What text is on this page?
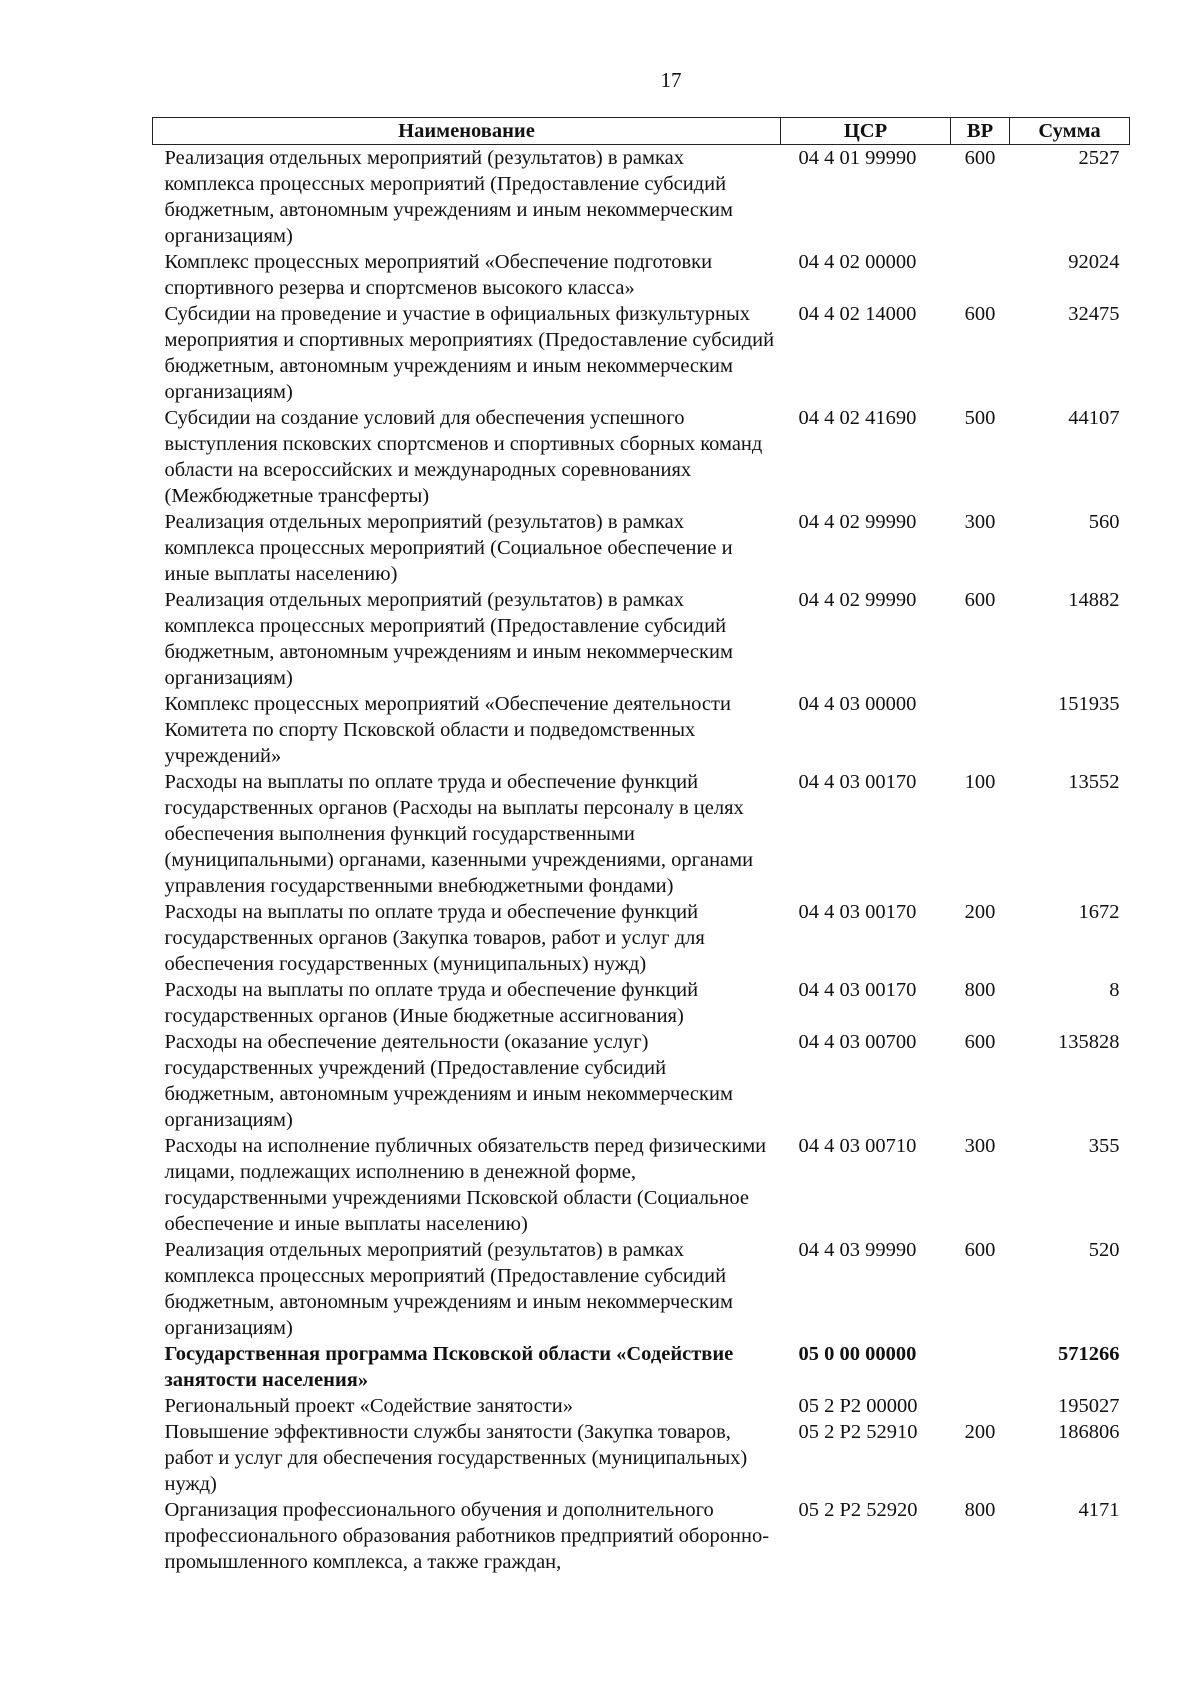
17
Наименование	ЦСР	ВР	Сумма
Реализация отдельных мероприятий (результатов) в рамках комплекса процессных мероприятий (Предоставление субсидий бюджетным, автономным учреждениям и иным некоммерческим организациям)	04 4 01 99990	600	2527
Комплекс процессных мероприятий «Обеспечение подготовки спортивного резерва и спортсменов высокого класса»	04 4 02 00000		92024
Субсидии на проведение и участие в официальных физкультурных мероприятия и спортивных мероприятиях (Предоставление субсидий бюджетным, автономным учреждениям и иным некоммерческим организациям)	04 4 02 14000	600	32475
Субсидии на создание условий для обеспечения успешного выступления псковских спортсменов и спортивных сборных команд области на всероссийских и международных соревнованиях (Межбюджетные трансферты)	04 4 02 41690	500	44107
Реализация отдельных мероприятий (результатов) в рамках комплекса процессных мероприятий (Социальное обеспечение и иные выплаты населению)	04 4 02 99990	300	560
Реализация отдельных мероприятий (результатов) в рамках комплекса процессных мероприятий (Предоставление субсидий бюджетным, автономным учреждениям и иным некоммерческим организациям)	04 4 02 99990	600	14882
Комплекс процессных мероприятий «Обеспечение деятельности Комитета по спорту Псковской области и подведомственных учреждений»	04 4 03 00000		151935
Расходы на выплаты по оплате труда и обеспечение функций государственных органов (Расходы на выплаты персоналу в целях обеспечения выполнения функций государственными (муниципальными) органами, казенными учреждениями, органами управления государственными внебюджетными фондами)	04 4 03 00170	100	13552
Расходы на выплаты по оплате труда и обеспечение функций государственных органов (Закупка товаров, работ и услуг для обеспечения государственных (муниципальных) нужд)	04 4 03 00170	200	1672
Расходы на выплаты по оплате труда и обеспечение функций государственных органов (Иные бюджетные ассигнования)	04 4 03 00170	800	8
Расходы на обеспечение деятельности (оказание услуг) государственных учреждений (Предоставление субсидий бюджетным, автономным учреждениям и иным некоммерческим организациям)	04 4 03 00700	600	135828
Расходы на исполнение публичных обязательств перед физическими лицами, подлежащих исполнению в денежной форме, государственными учреждениями Псковской области (Социальное обеспечение и иные выплаты населению)	04 4 03 00710	300	355
Реализация отдельных мероприятий (результатов) в рамках комплекса процессных мероприятий (Предоставление субсидий бюджетным, автономным учреждениям и иным некоммерческим организациям)	04 4 03 99990	600	520
Государственная программа Псковской области «Содействие занятости населения»	05 0 00 00000		571266
Региональный проект «Содействие занятости»	05 2 Р2 00000		195027
Повышение эффективности службы занятости (Закупка товаров, работ и услуг для обеспечения государственных (муниципальных) нужд)	05 2 Р2 52910	200	186806
Организация профессионального обучения и дополнительного профессионального образования работников предприятий оборонно-промышленного комплекса, а также граждан,	05 2 Р2 52920	800	4171
